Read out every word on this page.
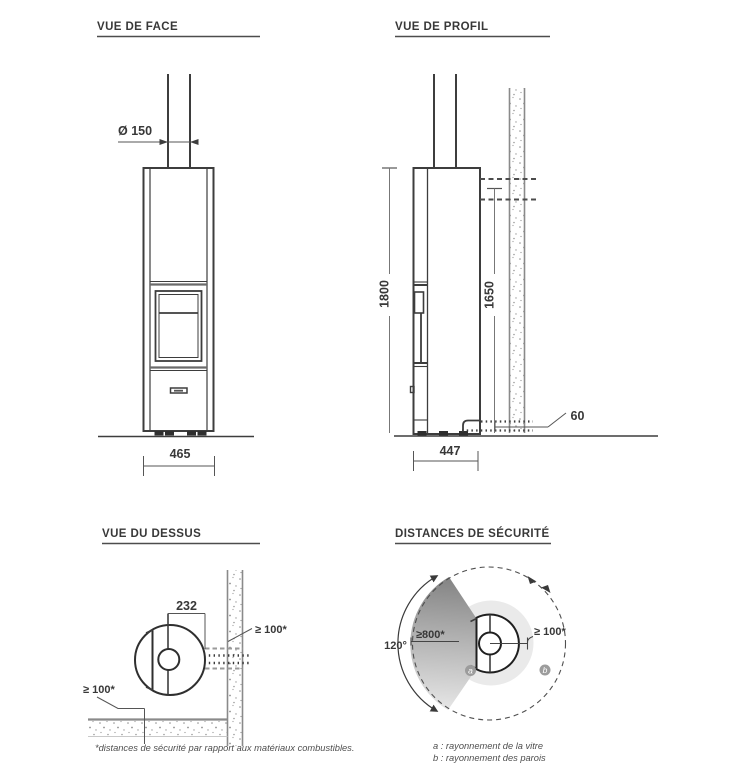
VUE DE FACE	VUE DE PROFIL
VUE DU DESSUS	DISTANCES DE SÉCURITÉ
Ø 150
465
1800	1650
60
447
232
≥ 100*
≥ 100*
*distances de sécurité par rapport aux matériaux combustibles.
≥ 100*
≥800*
120°
a	b
a : rayonnement de la vitre
b : rayonnement des parois
